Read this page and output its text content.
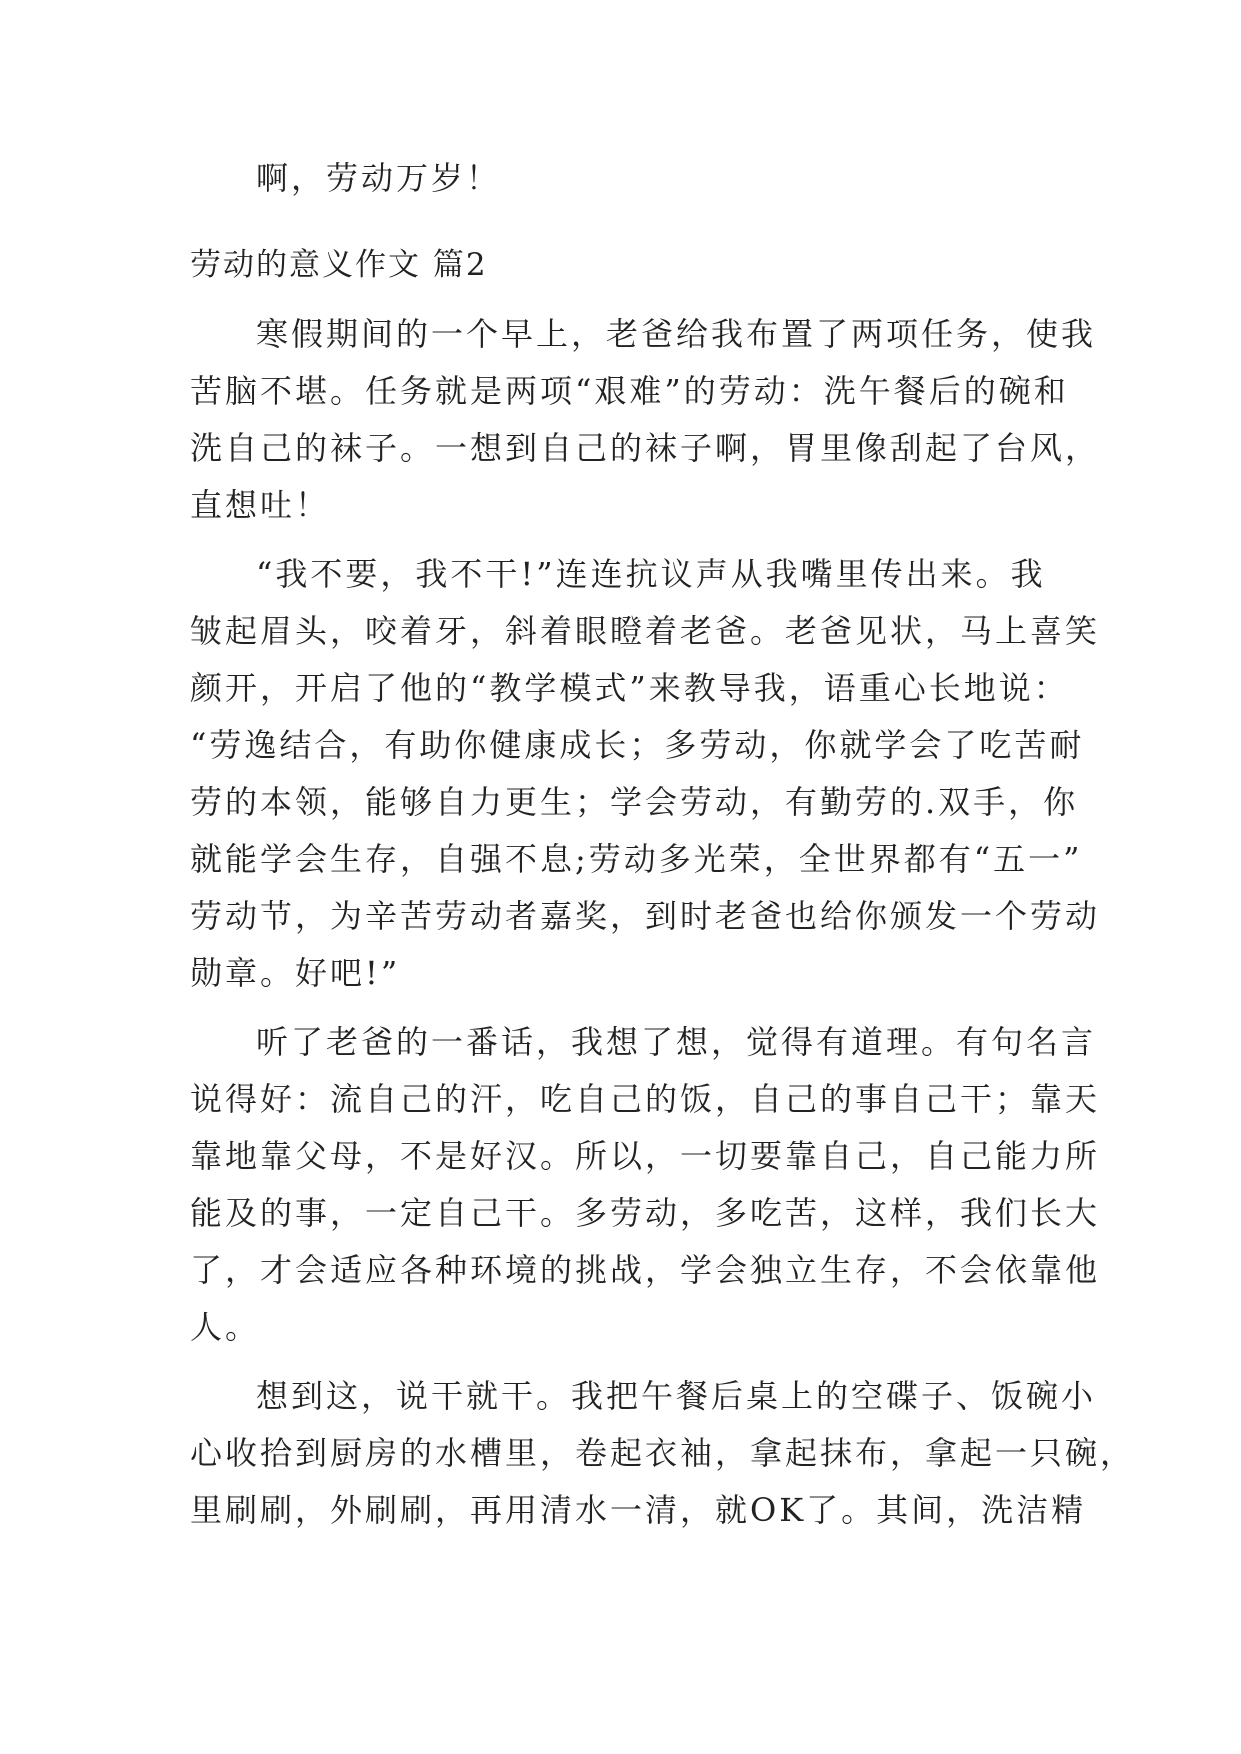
啊，劳动万岁！

劳动的意义作文 篇2

寒假期间的一个早上，老爸给我布置了两项任务，使我

苦脑不堪。任务就是两项“艰难”的劳动：洗午餐后的碗和

洗自己的袜子。一想到自己的袜子啊，胃里像刮起了台风，

直想吐！

“我不要，我不干!”连连抗议声从我嘴里传出来。我

皱起眉头，咬着牙，斜着眼瞪着老爸。老爸见状，马上喜笑

颜开，开启了他的“教学模式”来教导我，语重心长地说：

“劳逸结合，有助你健康成长；多劳动，你就学会了吃苦耐

劳的本领，能够自力更生；学会劳动，有勤劳的.双手，你

就能学会生存，自强不息;劳动多光荣，全世界都有“五一”

劳动节，为辛苦劳动者嘉奖，到时老爸也给你颁发一个劳动

勋章。好吧!”

听了老爸的一番话，我想了想，觉得有道理。有句名言

说得好：流自己的汗，吃自己的饭，自己的事自己干；靠天

靠地靠父母，不是好汉。所以，一切要靠自己，自己能力所

能及的事，一定自己干。多劳动，多吃苦，这样，我们长大

了，才会适应各种环境的挑战，学会独立生存，不会依靠他

人。

想到这，说干就干。我把午餐后桌上的空碟子、饭碗小

心收拾到厨房的水槽里，卷起衣袖，拿起抹布，拿起一只碗，

里刷刷，外刷刷，再用清水一清，就OK了。其间，洗洁精
